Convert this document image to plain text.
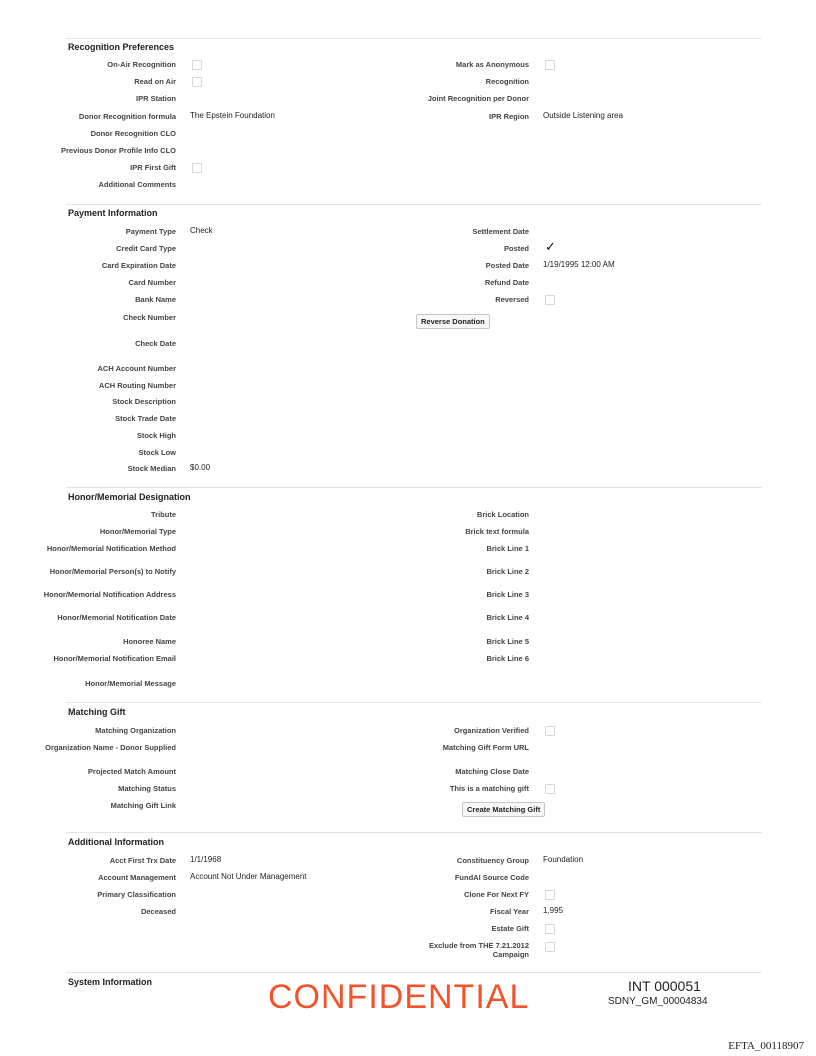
Recognition Preferences
On-Air Recognition
Read on Air
IPR Station
Donor Recognition formula The Epstein Foundation
Donor Recognition CLO
Previous Donor Profile Info CLO
IPR First Gift
Additional Comments
Mark as Anonymous
Recognition
Joint Recognition per Donor
IPR Region Outside Listening area
Payment Information
Payment Type Check
Credit Card Type
Card Expiration Date
Card Number
Bank Name
Check Number
Check Date
ACH Account Number
ACH Routing Number
Stock Description
Stock Trade Date
Stock High
Stock Low
Stock Median $0.00
Settlement Date
Posted ✓
Posted Date 1/19/1995 12:00 AM
Refund Date
Reversed
Reverse Donation
Honor/Memorial Designation
Tribute
Honor/Memorial Type
Honor/Memorial Notification Method
Honor/Memorial Person(s) to Notify
Honor/Memorial Notification Address
Honor/Memorial Notification Date
Honoree Name
Honor/Memorial Notification Email
Honor/Memorial Message
Brick Location
Brick text formula
Brick Line 1
Brick Line 2
Brick Line 3
Brick Line 4
Brick Line 5
Brick Line 6
Matching Gift
Matching Organization
Organization Name - Donor Supplied
Projected Match Amount
Matching Status
Matching Gift Link
Organization Verified
Matching Gift Form URL
Matching Close Date
This is a matching gift
Create Matching Gift
Additional Information
Acct First Trx Date 1/1/1968
Account Management Account Not Under Management
Primary Classification
Deceased
Constituency Group Foundation
FundAI Source Code
Clone For Next FY
Fiscal Year 1,995
Estate Gift
Exclude from THE 7.21.2012 Campaign
System Information	CONFIDENTIAL	INT 000051
SDNY_GM_00004834
EFTA_00118907
